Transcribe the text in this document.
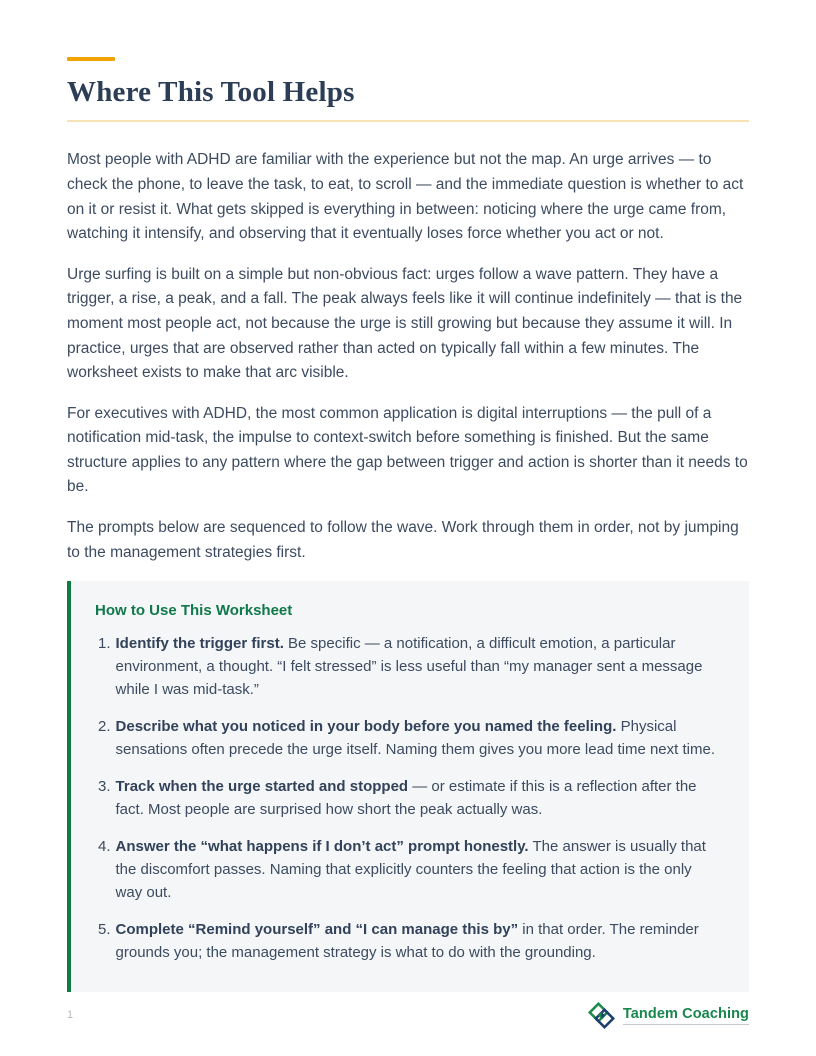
Where This Tool Helps

Most people with ADHD are familiar with the experience but not the map. An urge arrives — to check the phone, to leave the task, to eat, to scroll — and the immediate question is whether to act on it or resist it. What gets skipped is everything in between: noticing where the urge came from, watching it intensify, and observing that it eventually loses force whether you act or not.

Urge surfing is built on a simple but non-obvious fact: urges follow a wave pattern. They have a trigger, a rise, a peak, and a fall. The peak always feels like it will continue indefinitely — that is the moment most people act, not because the urge is still growing but because they assume it will. In practice, urges that are observed rather than acted on typically fall within a few minutes. The worksheet exists to make that arc visible.

For executives with ADHD, the most common application is digital interruptions — the pull of a notification mid-task, the impulse to context-switch before something is finished. But the same structure applies to any pattern where the gap between trigger and action is shorter than it needs to be.

The prompts below are sequenced to follow the wave. Work through them in order, not by jumping to the management strategies first.

How to Use This Worksheet

1. Identify the trigger first. Be specific — a notification, a difficult emotion, a particular environment, a thought. “I felt stressed” is less useful than “my manager sent a message while I was mid-task.”
2. Describe what you noticed in your body before you named the feeling. Physical sensations often precede the urge itself. Naming them gives you more lead time next time.
3. Track when the urge started and stopped — or estimate if this is a reflection after the fact. Most people are surprised how short the peak actually was.
4. Answer the “what happens if I don’t act” prompt honestly. The answer is usually that the discomfort passes. Naming that explicitly counters the feeling that action is the only way out.
5. Complete “Remind yourself” and “I can manage this by” in that order. The reminder grounds you; the management strategy is what to do with the grounding.
1	Tandem Coaching
